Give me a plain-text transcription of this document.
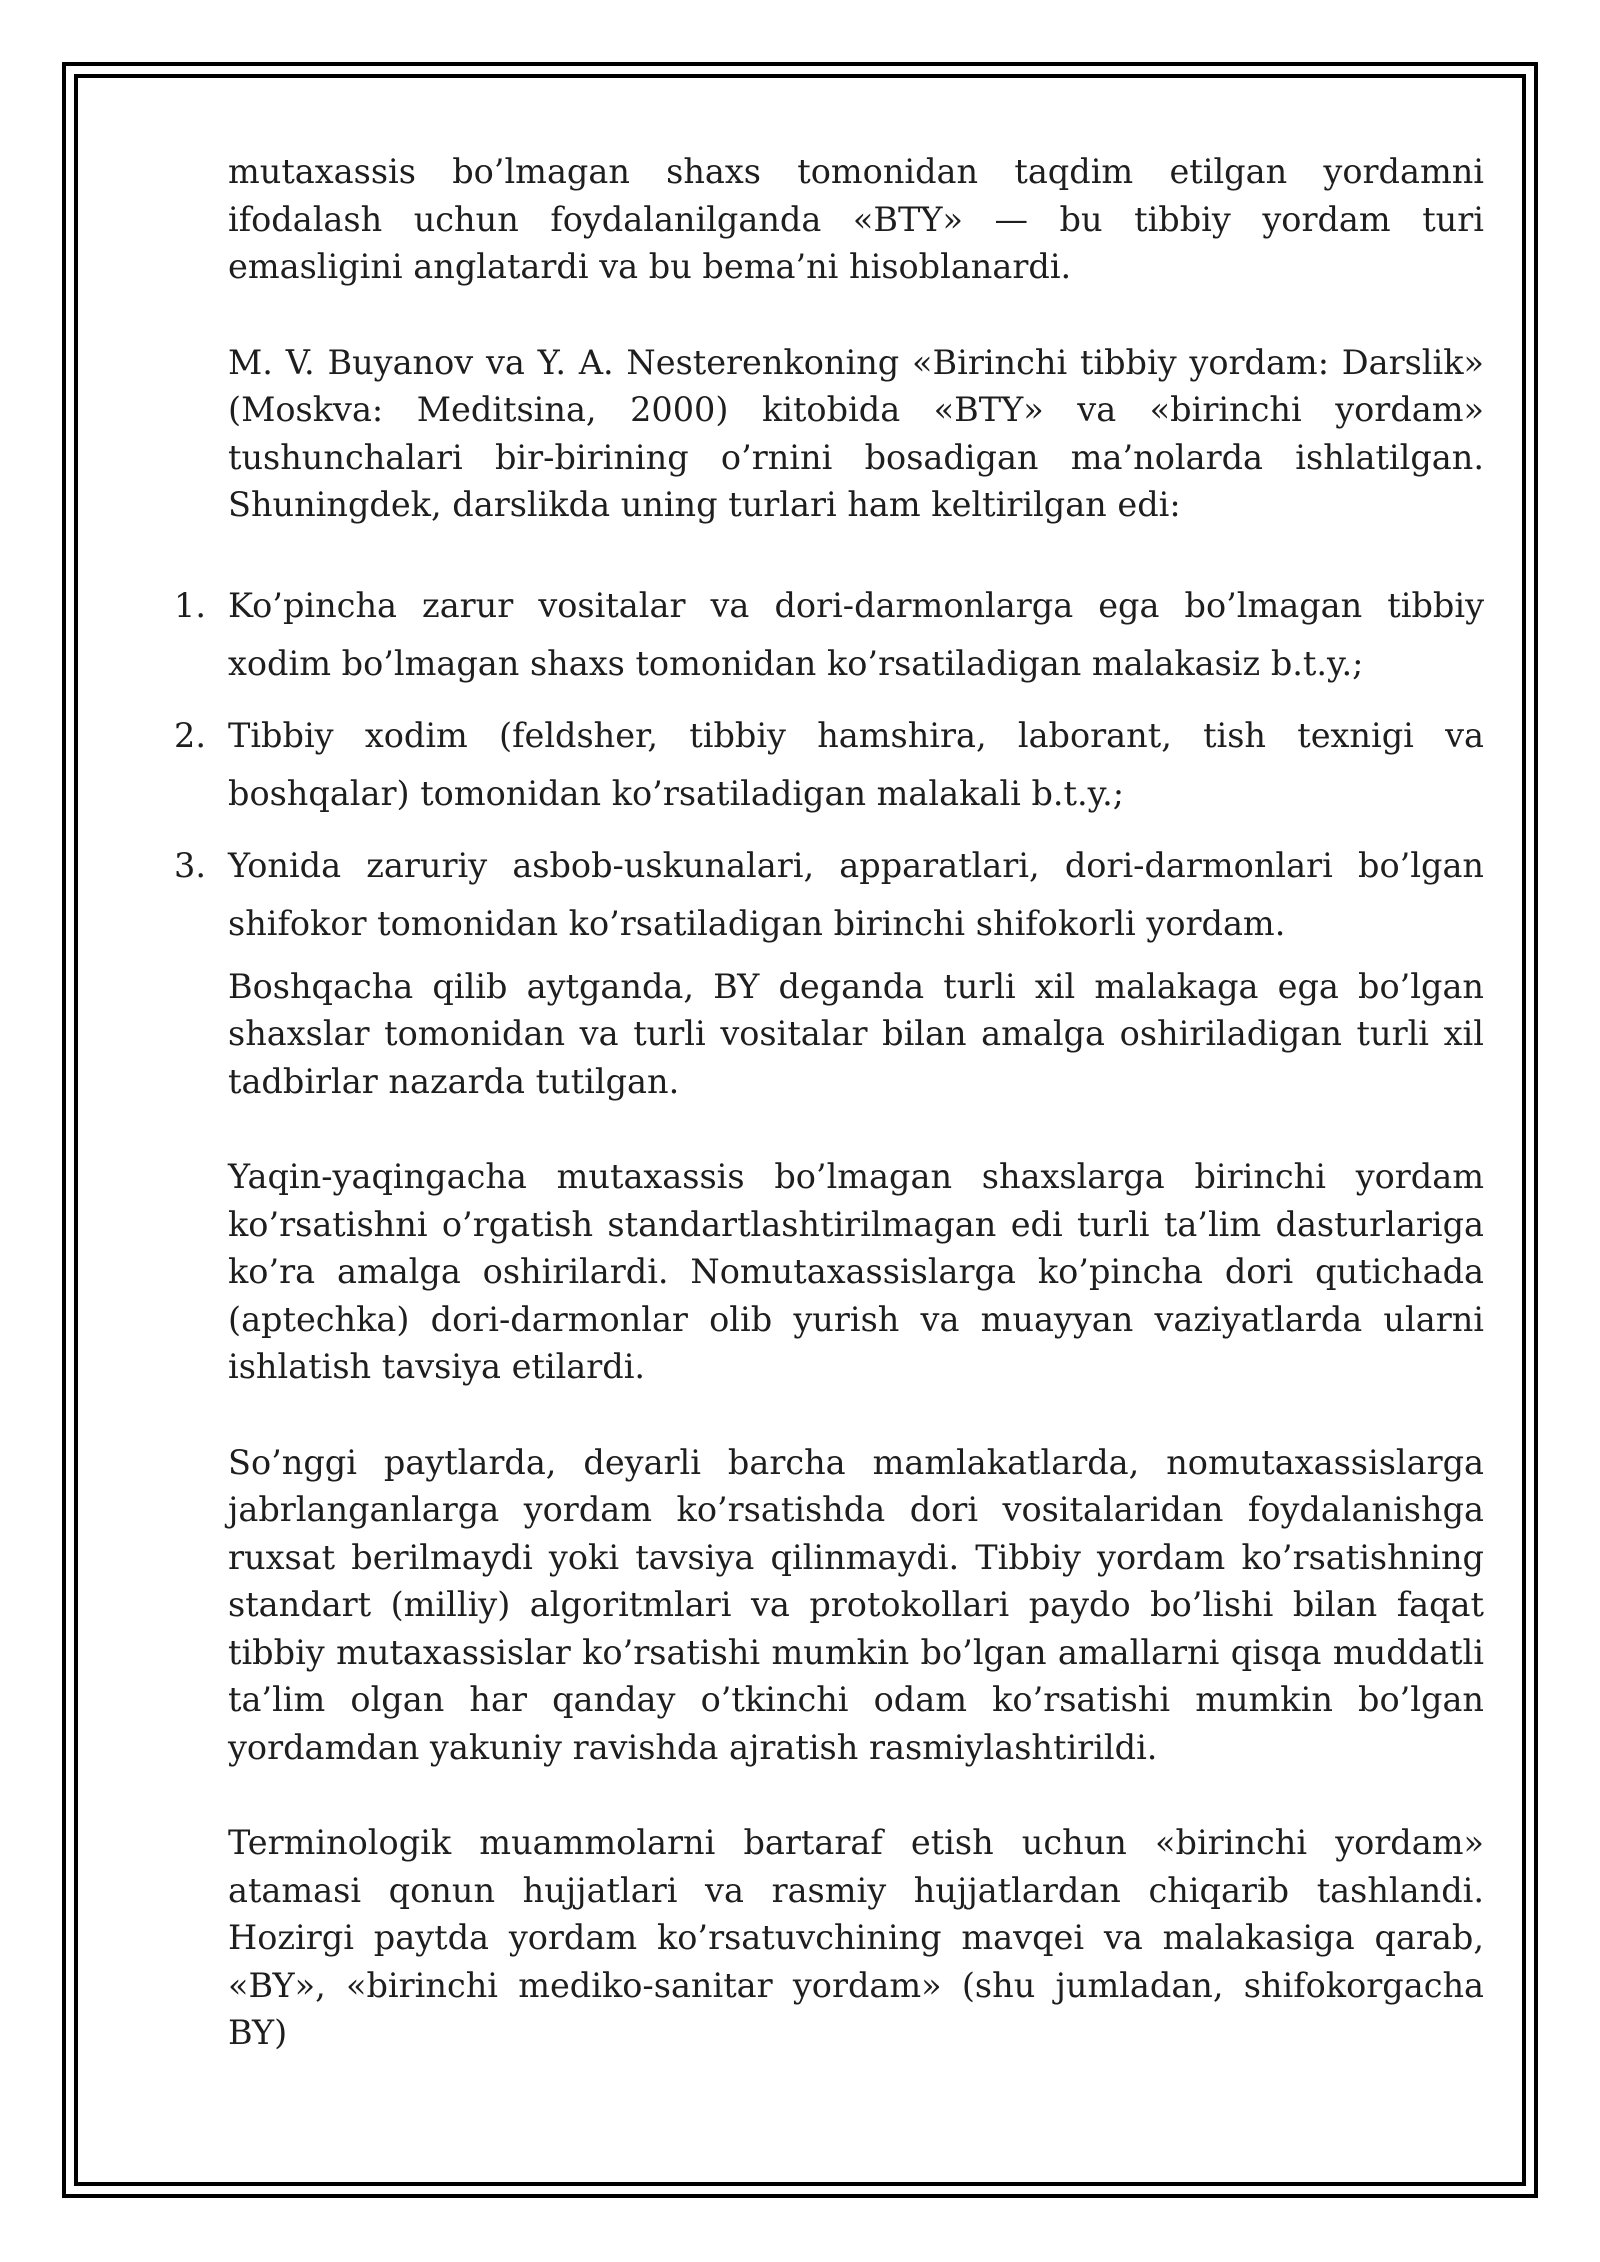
mutaxassis bo’lmagan shaxs tomonidan taqdim etilgan yordamni ifodalash uchun foydalanilganda «BTY» — bu tibbiy yordam turi emasligini anglatardi va bu bema’ni hisoblanardi.

M. V. Buyanov va Y. A. Nesterenkoning «Birinchi tibbiy yordam: Darslik» (Moskva: Meditsina, 2000) kitobida «BTY» va «birinchi yordam» tushunchalari bir-birining o’rnini bosadigan ma’nolarda ishlatilgan. Shuningdek, darslikda uning turlari ham keltirilgan edi:

1. Ko’pincha zarur vositalar va dori-darmonlarga ega bo’lmagan tibbiy xodim bo’lmagan shaxs tomonidan ko’rsatiladigan malakasiz b.t.y.;
2. Tibbiy xodim (feldsher, tibbiy hamshira, laborant, tish texnigi va boshqalar) tomonidan ko’rsatiladigan malakali b.t.y.;
3. Yonida zaruriy asbob-uskunalari, apparatlari, dori-darmonlari bo’lgan shifokor tomonidan ko’rsatiladigan birinchi shifokorli yordam.

Boshqacha qilib aytganda, BY deganda turli xil malakaga ega bo’lgan shaxslar tomonidan va turli vositalar bilan amalga oshiriladigan turli xil tadbirlar nazarda tutilgan.

Yaqin-yaqingacha mutaxassis bo’lmagan shaxslarga birinchi yordam ko’rsatishni o’rgatish standartlashtirilmagan edi turli ta’lim dasturlariga ko’ra amalga oshirilardi. Nomutaxassislarga ko’pincha dori qutichada (aptechka) dori-darmonlar olib yurish va muayyan vaziyatlarda ularni ishlatish tavsiya etilardi.

So’nggi paytlarda, deyarli barcha mamlakatlarda, nomutaxassislarga jabrlanganlarga yordam ko’rsatishda dori vositalaridan foydalanishga ruxsat berilmaydi yoki tavsiya qilinmaydi. Tibbiy yordam ko’rsatishning standart (milliy) algoritmlari va protokollari paydo bo’lishi bilan faqat tibbiy mutaxassislar ko’rsatishi mumkin bo’lgan amallarni qisqa muddatli ta’lim olgan har qanday o’tkinchi odam ko’rsatishi mumkin bo’lgan yordamdan yakuniy ravishda ajratish rasmiylashtirildi.

Terminologik muammolarni bartaraf etish uchun «birinchi yordam» atamasi qonun hujjatlari va rasmiy hujjatlardan chiqarib tashlandi. Hozirgi paytda yordam ko’rsatuvchining mavqei va malakasiga qarab, «BY», «birinchi mediko-sanitar yordam» (shu jumladan, shifokorgacha BY)
